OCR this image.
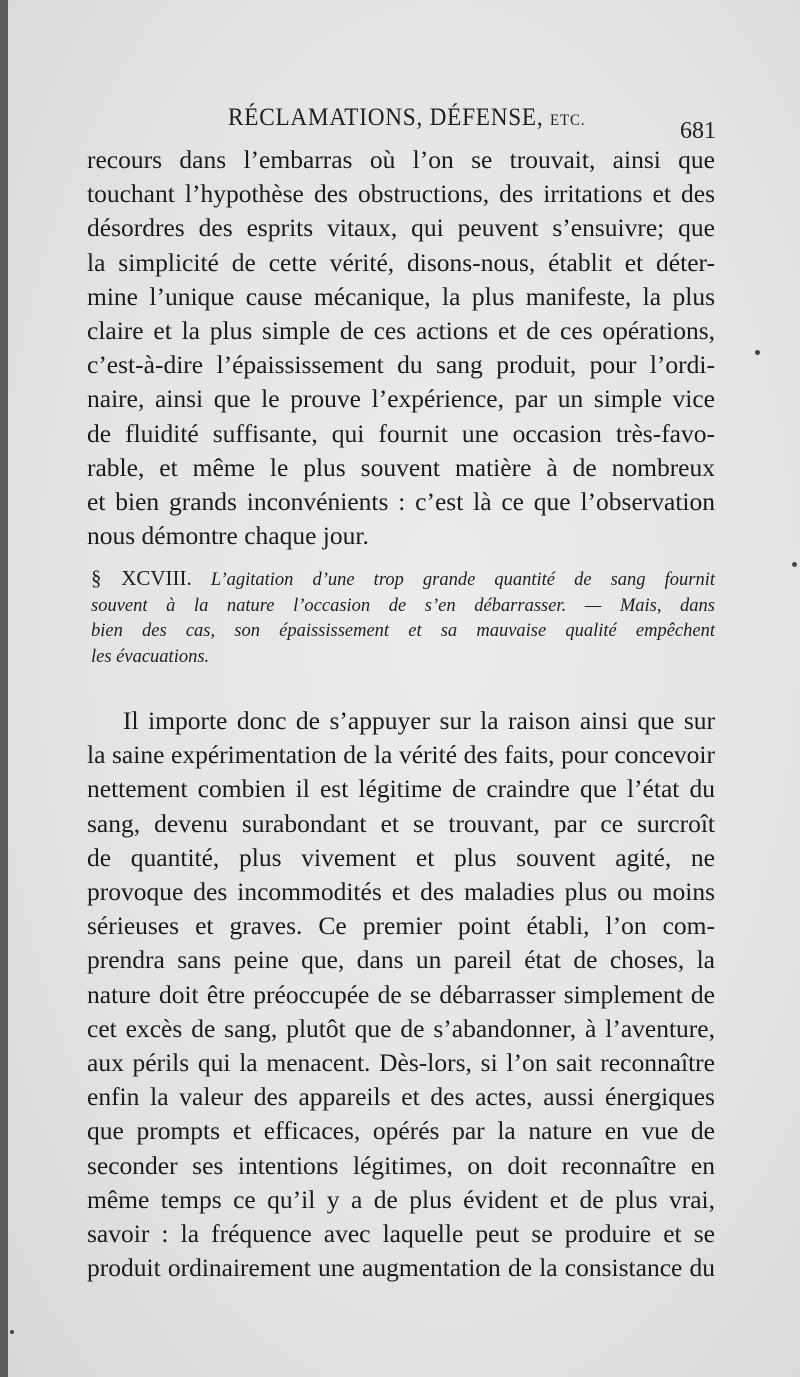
RÉCLAMATIONS, DÉFENSE, ETC.	681
recours dans l’embarras où l’on se trouvait, ainsi que
touchant l’hypothèse des obstructions, des irritations et des
désordres des esprits vitaux, qui peuvent s’ensuivre; que
la simplicité de cette vérité, disons-nous, établit et déter-
mine l’unique cause mécanique, la plus manifeste, la plus
claire et la plus simple de ces actions et de ces opérations,
c’est-à-dire l’épaississement du sang produit, pour l’ordi-
naire, ainsi que le prouve l’expérience, par un simple vice
de fluidité suffisante, qui fournit une occasion très-favo-
rable, et même le plus souvent matière à de nombreux
et bien grands inconvénients : c’est là ce que l’observation
nous démontre chaque jour.
§ XCVIII. L’agitation d’une trop grande quantité de sang fournit
souvent à la nature l’occasion de s’en débarrasser. — Mais, dans
bien des cas, son épaississement et sa mauvaise qualité empêchent
les évacuations.
Il importe donc de s’appuyer sur la raison ainsi que sur
la saine expérimentation de la vérité des faits, pour concevoir
nettement combien il est légitime de craindre que l’état du
sang, devenu surabondant et se trouvant, par ce surcroît
de quantité, plus vivement et plus souvent agité, ne
provoque des incommodités et des maladies plus ou moins
sérieuses et graves. Ce premier point établi, l’on com-
prendra sans peine que, dans un pareil état de choses, la
nature doit être préoccupée de se débarrasser simplement de
cet excès de sang, plutôt que de s’abandonner, à l’aventure,
aux périls qui la menacent. Dès-lors, si l’on sait reconnaître
enfin la valeur des appareils et des actes, aussi énergiques
que prompts et efficaces, opérés par la nature en vue de
seconder ses intentions légitimes, on doit reconnaître en
même temps ce qu’il y a de plus évident et de plus vrai,
savoir : la fréquence avec laquelle peut se produire et se
produit ordinairement une augmentation de la consistance du
